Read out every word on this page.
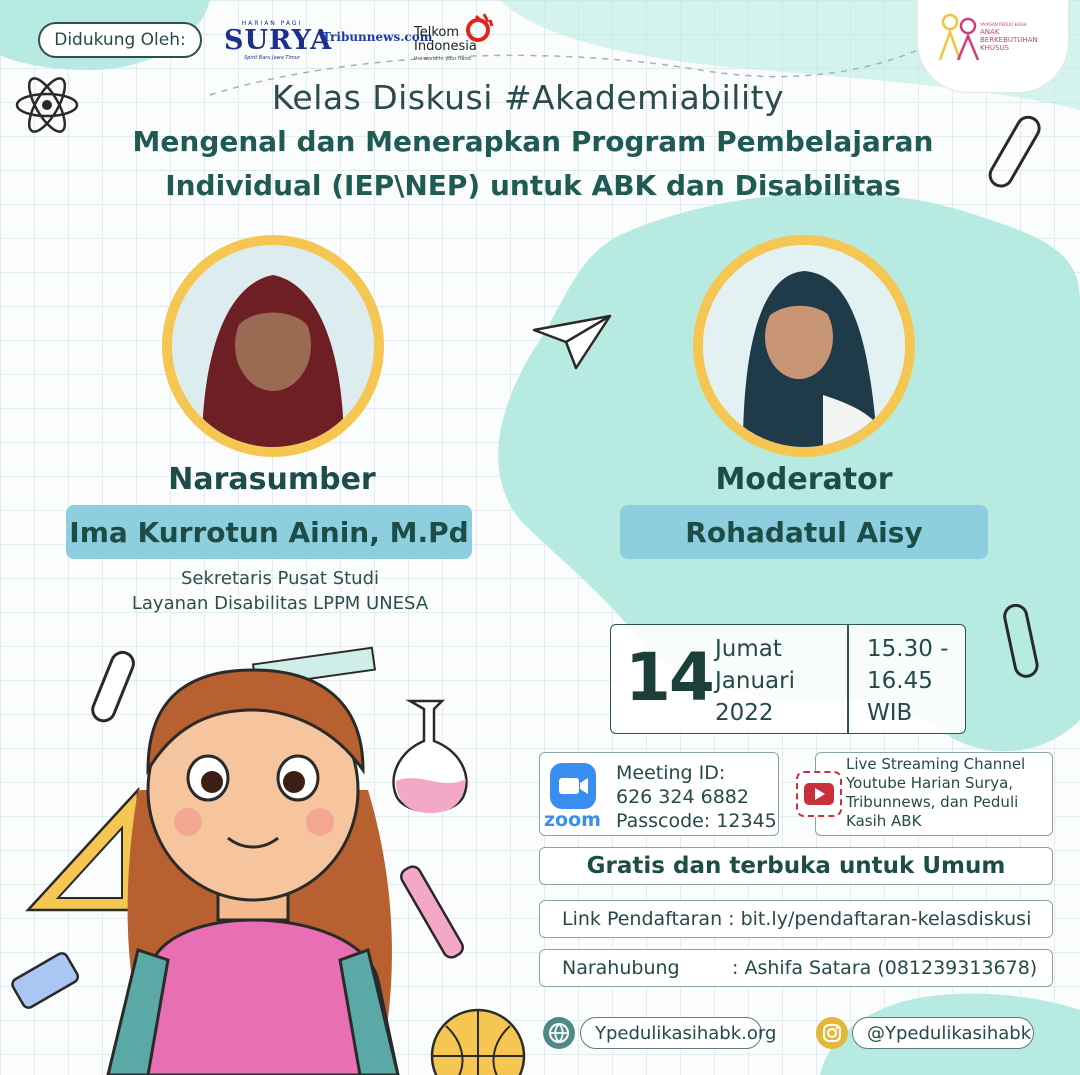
Didukung Oleh:
HARIAN PAGI
SURYA
Spirit Baru Jawa Timur
Tribunnews.com
Telkom
Indonesia
the world in your hand
YAYASAN PEDULI KASIH
ANAK
BERKEBUTUHAN
KHUSUS
Kelas Diskusi #Akademiability
Mengenal dan Menerapkan Program Pembelajaran
Individual (IEP\NEP) untuk ABK dan Disabilitas
Narasumber	Moderator
Ima Kurrotun Ainin, M.Pd	Rohadatul Aisy
Sekretaris Pusat Studi
Layanan Disabilitas LPPM UNESA
14 Jumat
Januari
2022
15.30 -
16.45
WIB
zoom
Meeting ID:
626 324 6882
Passcode: 12345
Live Streaming Channel
Youtube Harian Surya,
Tribunnews, dan Peduli
Kasih ABK
Gratis dan terbuka untuk Umum
Link Pendaftaran : bit.ly/pendaftaran-kelasdiskusi
Narahubung	: Ashifa Satara (081239313678)
Ypedulikasihabk.org	@Ypedulikasihabk
